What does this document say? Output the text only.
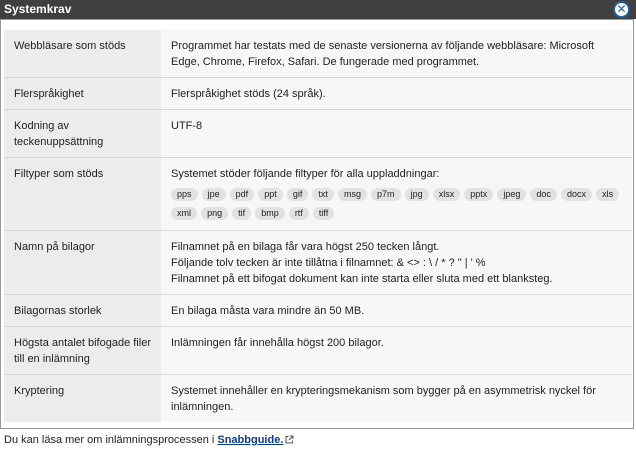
Systemkrav	✕
Webbläsare som stöds	Programmet har testats med de senaste versionerna av följande webbläsare: Microsoft Edge, Chrome, Firefox, Safari. De fungerade med programmet.

Flerspråkighet	Flerspråkighet stöds (24 språk).

Kodning av teckenuppsättning	UTF-8

Filtyper som stöds	Systemet stöder följande filtyper för alla uppladdningar:
pps jpe pdf ppt gif txt msg p7m jpg xlsx pptx jpeg doc docx xls xml png tif bmp rtf tiff

Namn på bilagor	Filnamnet på en bilaga får vara högst 250 tecken långt.
Följande tolv tecken är inte tillåtna i filnamnet: & <> : \ / * ? " | ' %
Filnamnet på ett bifogat dokument kan inte starta eller sluta med ett blanksteg.

Bilagornas storlek	En bilaga måsta vara mindre än 50 MB.

Högsta antalet bifogade filer till en inlämning	Inlämningen får innehålla högst 200 bilagor.

Kryptering	Systemet innehåller en krypteringsmekanism som bygger på en asymmetrisk nyckel för inlämningen.
Du kan läsa mer om inlämningsprocessen i Snabbguide.
